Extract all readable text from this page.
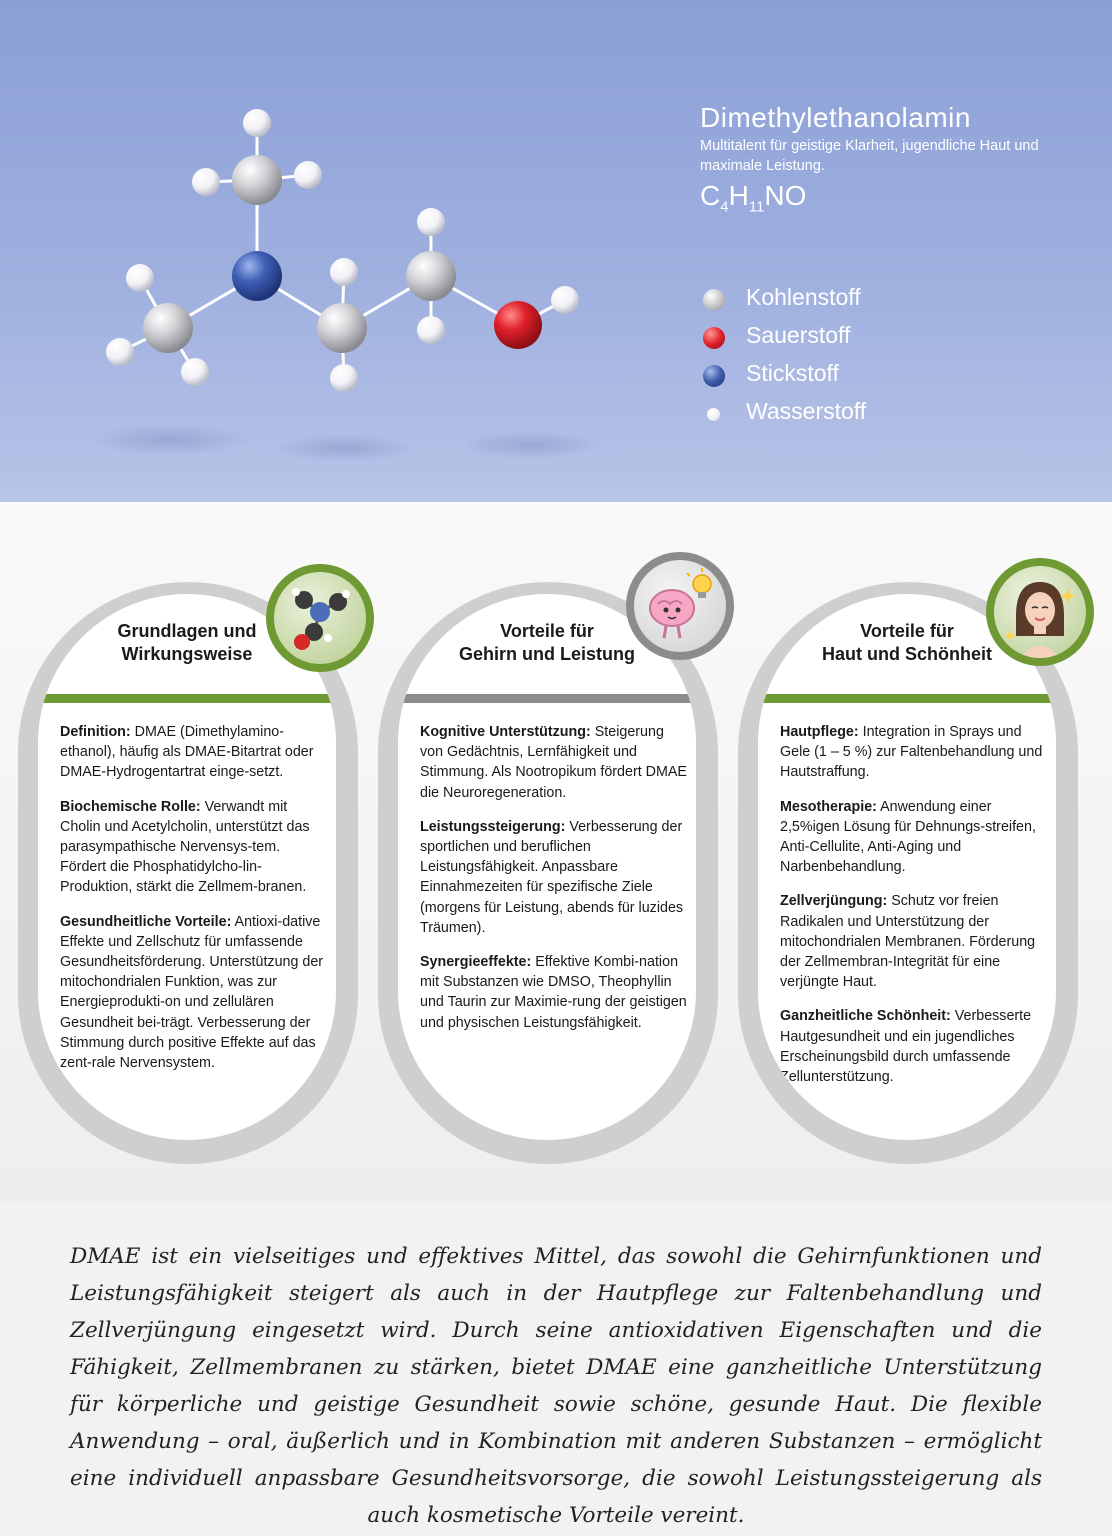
Dimethylethanolamin
Multitalent für geistige Klarheit, jugendliche Haut und maximale Leistung.
$C_4H_{11}NO$
Kohlenstoff
Sauerstoff
Stickstoff
Wasserstoff
Grundlagen und
Wirkungsweise

Definition: DMAE (Dimethylamino-ethanol), häufig als DMAE-Bitartrat oder DMAE-Hydrogentartrat einge-setzt.

Biochemische Rolle: Verwandt mit Cholin und Acetylcholin, unterstützt das parasympathische Nervensys-tem. Fördert die Phosphatidylcho-lin-Produktion, stärkt die Zellmem-branen.

Gesundheitliche Vorteile: Antioxi-dative Effekte und Zellschutz für umfassende Gesundheitsförderung. Unterstützung der mitochondrialen Funktion, was zur Energieprodukti-on und zellulären Gesundheit bei-trägt. Verbesserung der Stimmung durch positive Effekte auf das zent-rale Nervensystem.

Vorteile für
Gehirn und Leistung

Kognitive Unterstützung: Steigerung von Gedächtnis, Lernfähigkeit und Stimmung. Als Nootropikum fördert DMAE die Neuroregeneration.

Leistungssteigerung: Verbesserung der sportlichen und beruflichen Leistungsfähigkeit. Anpassbare Einnahmezeiten für spezifische Ziele (morgens für Leistung, abends für luzides Träumen).

Synergieeffekte: Effektive Kombi-nation mit Substanzen wie DMSO, Theophyllin und Taurin zur Maximie-rung der geistigen und physischen Leistungsfähigkeit.

Vorteile für
Haut und Schönheit

Hautpflege: Integration in Sprays und Gele (1 – 5 %) zur Faltenbehandlung und Hautstraffung.

Mesotherapie: Anwendung einer 2,5%igen Lösung für Dehnungs-streifen, Anti-Cellulite, Anti-Aging und Narbenbehandlung.

Zellverjüngung: Schutz vor freien Radikalen und Unterstützung der mitochondrialen Membranen. Förderung der Zellmembran-Integrität für eine verjüngte Haut.

Ganzheitliche Schönheit: Verbesserte Hautgesundheit und ein jugendliches Erscheinungsbild durch umfassende Zellunterstützung.

DMAE ist ein vielseitiges und effektives Mittel, das sowohl die Gehirnfunktionen und Leistungsfähigkeit steigert als auch in der Hautpflege zur Faltenbehandlung und Zellverjüngung eingesetzt wird. Durch seine antioxidativen Eigenschaften und die Fähigkeit, Zellmembranen zu stärken, bietet DMAE eine ganzheitliche Unterstützung für körperliche und geistige Gesundheit sowie schöne, gesunde Haut. Die flexible Anwendung – oral, äußerlich und in Kombination mit anderen Substanzen – ermöglicht eine individuell anpassbare Gesundheitsvorsorge, die sowohl Leistungssteigerung als auch kosmetische Vorteile vereint.
